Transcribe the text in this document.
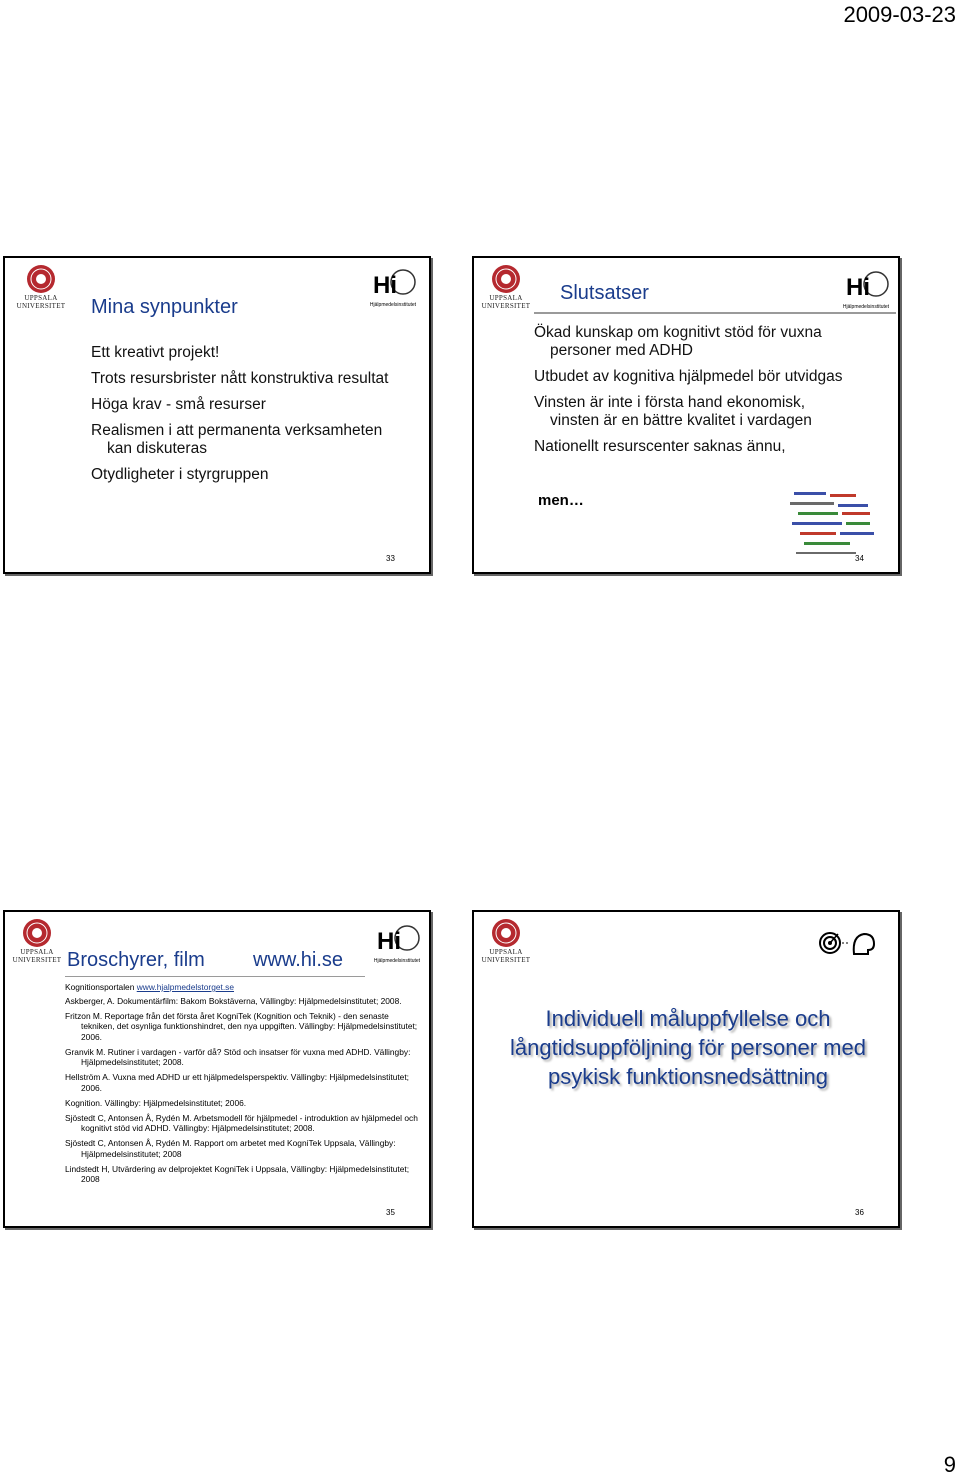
2009-03-23
UPPSALA
UNIVERSITET
Hi
Hjälpmedelsinstitutet
Mina synpunkter
Ett kreativt projekt!
Trots resursbrister nått konstruktiva resultat
Höga krav - små resurser
Realismen i att permanenta verksamheten kan diskuteras
Otydligheter i styrgruppen
33
UPPSALA
UNIVERSITET
Hi
Hjälpmedelsinstitutet
Slutsatser
Ökad kunskap om kognitivt stöd för vuxna personer med ADHD
Utbudet av kognitiva hjälpmedel bör utvidgas
Vinsten är inte i första hand ekonomisk, vinsten är en bättre kvalitet i vardagen
Nationellt resurscenter saknas ännu,
men…
34
UPPSALA
UNIVERSITET
Hi
Hjälpmedelsinstitutet
Broschyrer, film www.hi.se
Kognitionsportalen www.hjalpmedelstorget.se
Askberger, A. Dokumentärfilm: Bakom Bokstäverna, Vällingby: Hjälpmedelsinstitutet; 2008.
Fritzon M. Reportage från det första året KogniTek (Kognition och Teknik) - den senaste tekniken, det osynliga funktionshindret, den nya uppgiften. Vällingby: Hjälpmedelsinstitutet; 2006.
Granvik M. Rutiner i vardagen - varför då? Stöd och insatser för vuxna med ADHD. Vällingby: Hjälpmedelsinstitutet; 2008.
Hellström A. Vuxna med ADHD ur ett hjälpmedelsperspektiv. Vällingby: Hjälpmedelsinstitutet; 2006.
Kognition. Vällingby: Hjälpmedelsinstitutet; 2006.
Sjöstedt C, Antonsen Å, Rydén M. Arbetsmodell för hjälpmedel - introduktion av hjälpmedel och kognitivt stöd vid ADHD. Vällingby: Hjälpmedelsinstitutet; 2008.
Sjöstedt C, Antonsen Å, Rydén M. Rapport om arbetet med KogniTek Uppsala, Vällingby: Hjälpmedelsinstitutet; 2008
Lindstedt H, Utvärdering av delprojektet KogniTek i Uppsala, Vällingby: Hjälpmedelsinstitutet; 2008
35
UPPSALA
UNIVERSITET
Individuell måluppfyllelse och långtidsuppföljning för personer med psykisk funktionsnedsättning
36
9
